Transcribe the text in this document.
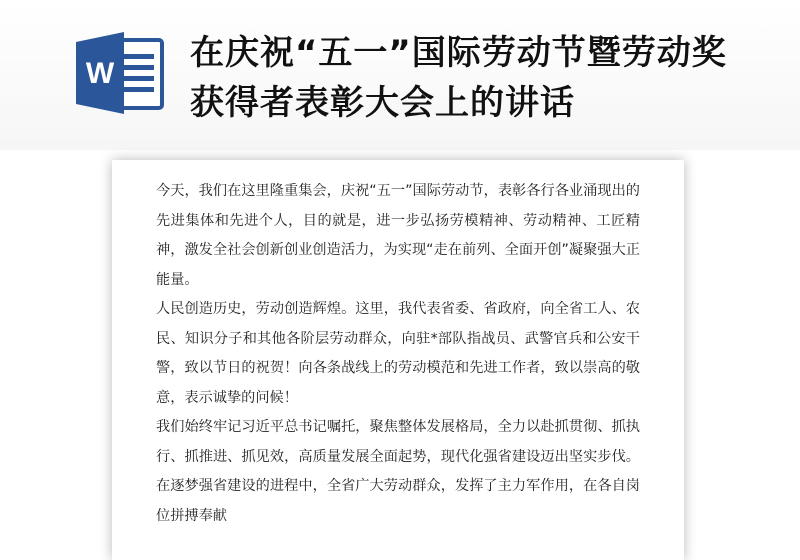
W
在庆祝“五一”国际劳动节暨劳动奖获得者表彰大会上的讲话

今天，我们在这里隆重集会，庆祝“五一”国际劳动节，表彰各行各业涌现出的先进集体和先进个人，目的就是，进一步弘扬劳模精神、劳动精神、工匠精神，激发全社会创新创业创造活力，为实现“走在前列、全面开创”凝聚强大正能量。

人民创造历史，劳动创造辉煌。这里，我代表省委、省政府，向全省工人、农民、知识分子和其他各阶层劳动群众，向驻*部队指战员、武警官兵和公安干警，致以节日的祝贺！向各条战线上的劳动模范和先进工作者，致以崇高的敬意，表示诚挚的问候！

我们始终牢记习近平总书记嘱托，聚焦整体发展格局，全力以赴抓贯彻、抓执行、抓推进、抓见效，高质量发展全面起势，现代化强省建设迈出坚实步伐。在逐梦强省建设的进程中，全省广大劳动群众，发挥了主力军作用，在各自岗位拼搏奉献
